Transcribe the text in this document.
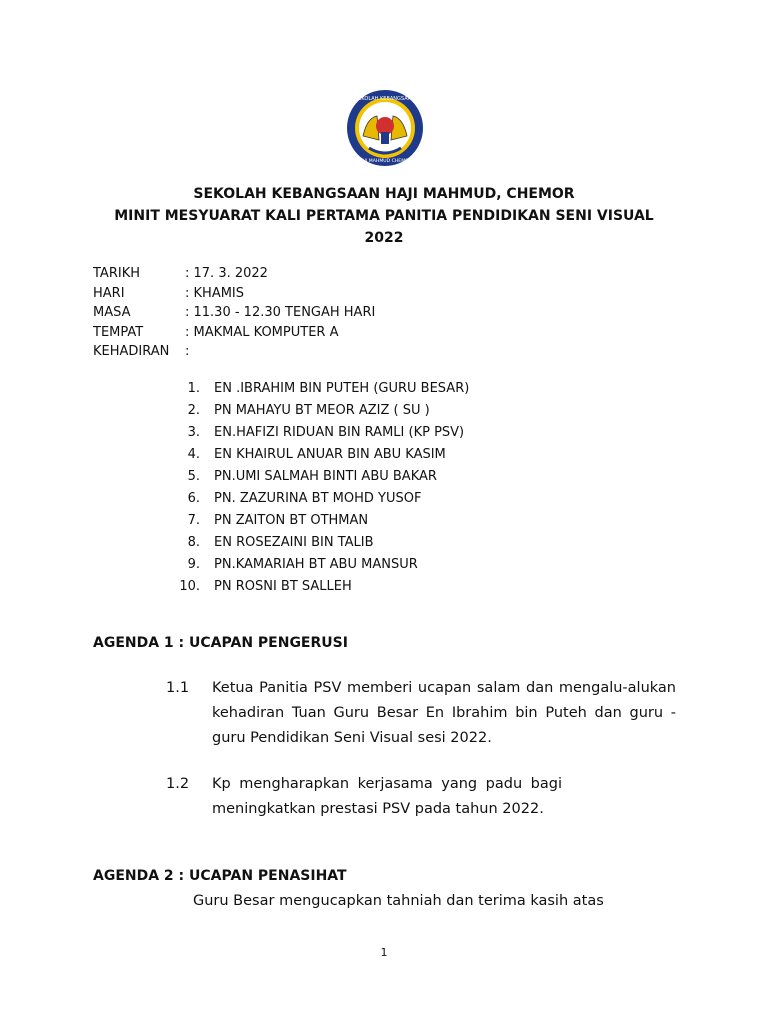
SEKOLAH KEBANGSAAN
HAJI MAHMUD CHEMOR
SEKOLAH KEBANGSAAN HAJI MAHMUD, CHEMOR
MINIT MESYUARAT KALI PERTAMA PANITIA PENDIDIKAN SENI VISUAL
2022
TARIKH	: 17. 3. 2022
HARI	: KHAMIS
MASA	: 11.30 - 12.30 TENGAH HARI
TEMPAT	: MAKMAL KOMPUTER A
KEHADIRAN	:
1. EN .IBRAHIM BIN PUTEH (GURU BESAR)
2. PN MAHAYU BT MEOR AZIZ ( SU )
3. EN.HAFIZI RIDUAN BIN RAMLI (KP PSV)
4. EN KHAIRUL ANUAR BIN ABU KASIM
5. PN.UMI SALMAH BINTI ABU BAKAR
6. PN. ZAZURINA BT MOHD YUSOF
7. PN ZAITON BT OTHMAN
8. EN ROSEZAINI BIN TALIB
9. PN.KAMARIAH BT ABU MANSUR
10. PN ROSNI BT SALLEH
AGENDA 1 : UCAPAN PENGERUSI
1.1 Ketua Panitia PSV memberi ucapan salam dan mengalu-alukan kehadiran Tuan Guru Besar En Ibrahim bin Puteh dan guru - guru Pendidikan Seni Visual sesi 2022.
1.2 Kp mengharapkan kerjasama yang padu bagi meningkatkan prestasi PSV pada tahun 2022.
AGENDA 2 : UCAPAN PENASIHAT
Guru Besar mengucapkan tahniah dan terima kasih atas
1
